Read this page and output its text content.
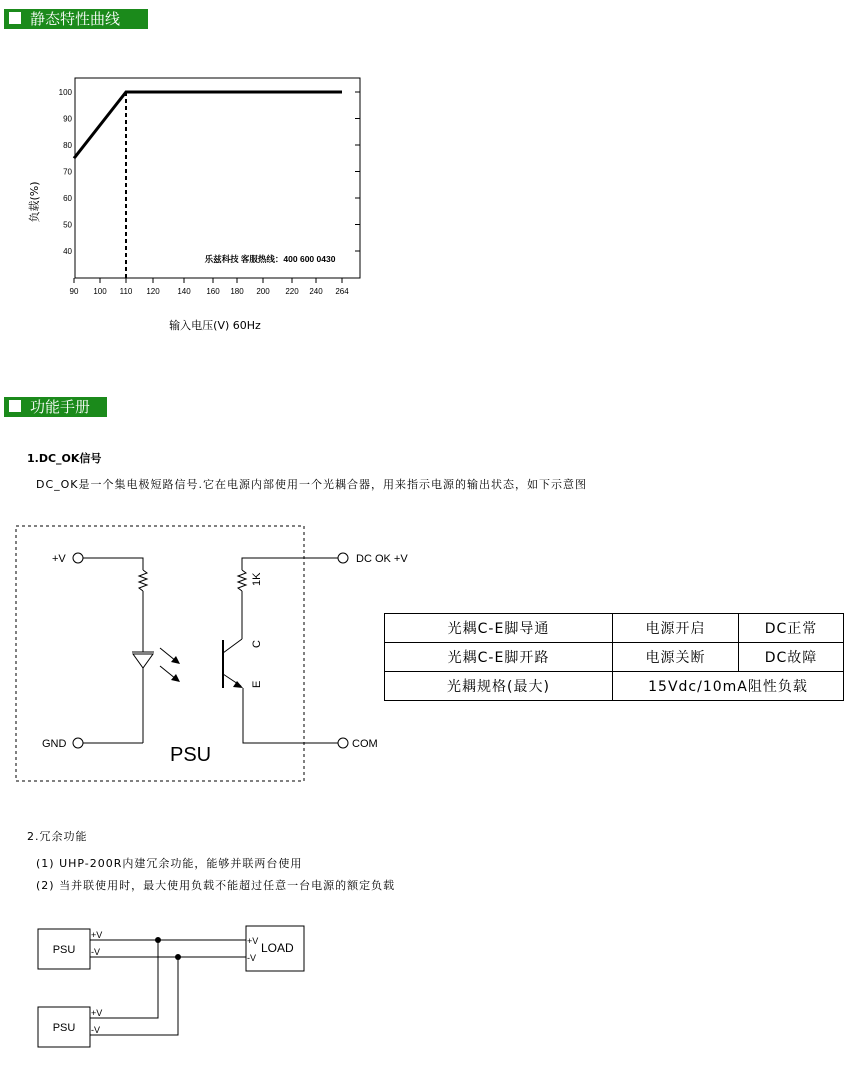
静态特性曲线
40
50
60
70
80
90
100
90 100 110 120 140 160 180 200 220 240 264
乐兹科技 客服热线：400 600 0430
负载(%)
输入电压(V) 60Hz
功能手册
1.DC_OK信号
DC_OK是一个集电极短路信号.它在电源内部使用一个光耦合器，用来指示电源的输出状态，如下示意图
+V
GND
1K
C
E
DC OK +V
COM
PSU
光耦C-E脚导通	电源开启	DC正常
光耦C-E脚开路	电源关断	DC故障
光耦规格(最大)	15Vdc/10mA阻性负载	
2.冗余功能
(1) UHP-200R内建冗余功能，能够并联两台使用
(2) 当并联使用时，最大使用负载不能超过任意一台电源的额定负载
PSU
PSU
LOAD
+V
-V
+V
-V
+V
-V
